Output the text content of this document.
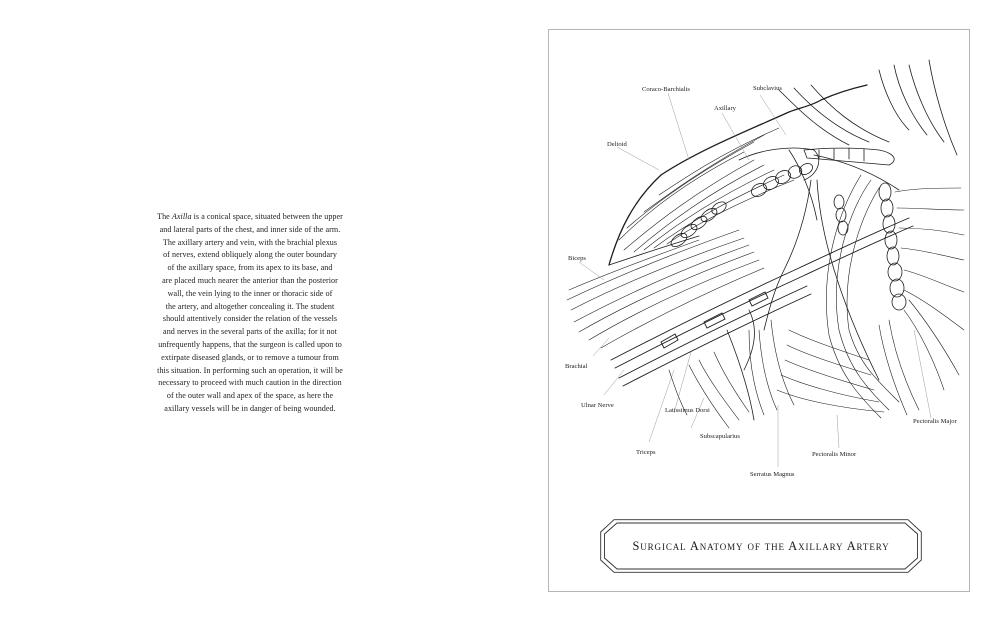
The Axilla is a conical space, situated between the upper
and lateral parts of the chest, and inner side of the arm.
The axillary artery and vein, with the brachial plexus
of nerves, extend obliquely along the outer boundary
of the axillary space, from its apex to its base, and
are placed much nearer the anterior than the posterior
wall, the vein lying to the inner or thoracic side of
the artery, and altogether concealing it. The student
should attentively consider the relation of the vessels
and nerves in the several parts of the axilla; for it not
unfrequently happens, that the surgeon is called upon to
extirpate diseased glands, or to remove a tumour from
this situation. In performing such an operation, it will be
necessary to proceed with much caution in the direction
of the outer wall and apex of the space, as here the
axillary vessels will be in danger of being wounded.
Coraco-Barchialis	Subclavius
Axillary
Deltoid
Biceps
Brachial
Ulnar Nerve
Latissimus Dorsi
Subscapularius
Triceps
Serratus Magnus
Pectoralis Minor
Pectoralis Major
Surgical Anatomy of the Axillary Artery
